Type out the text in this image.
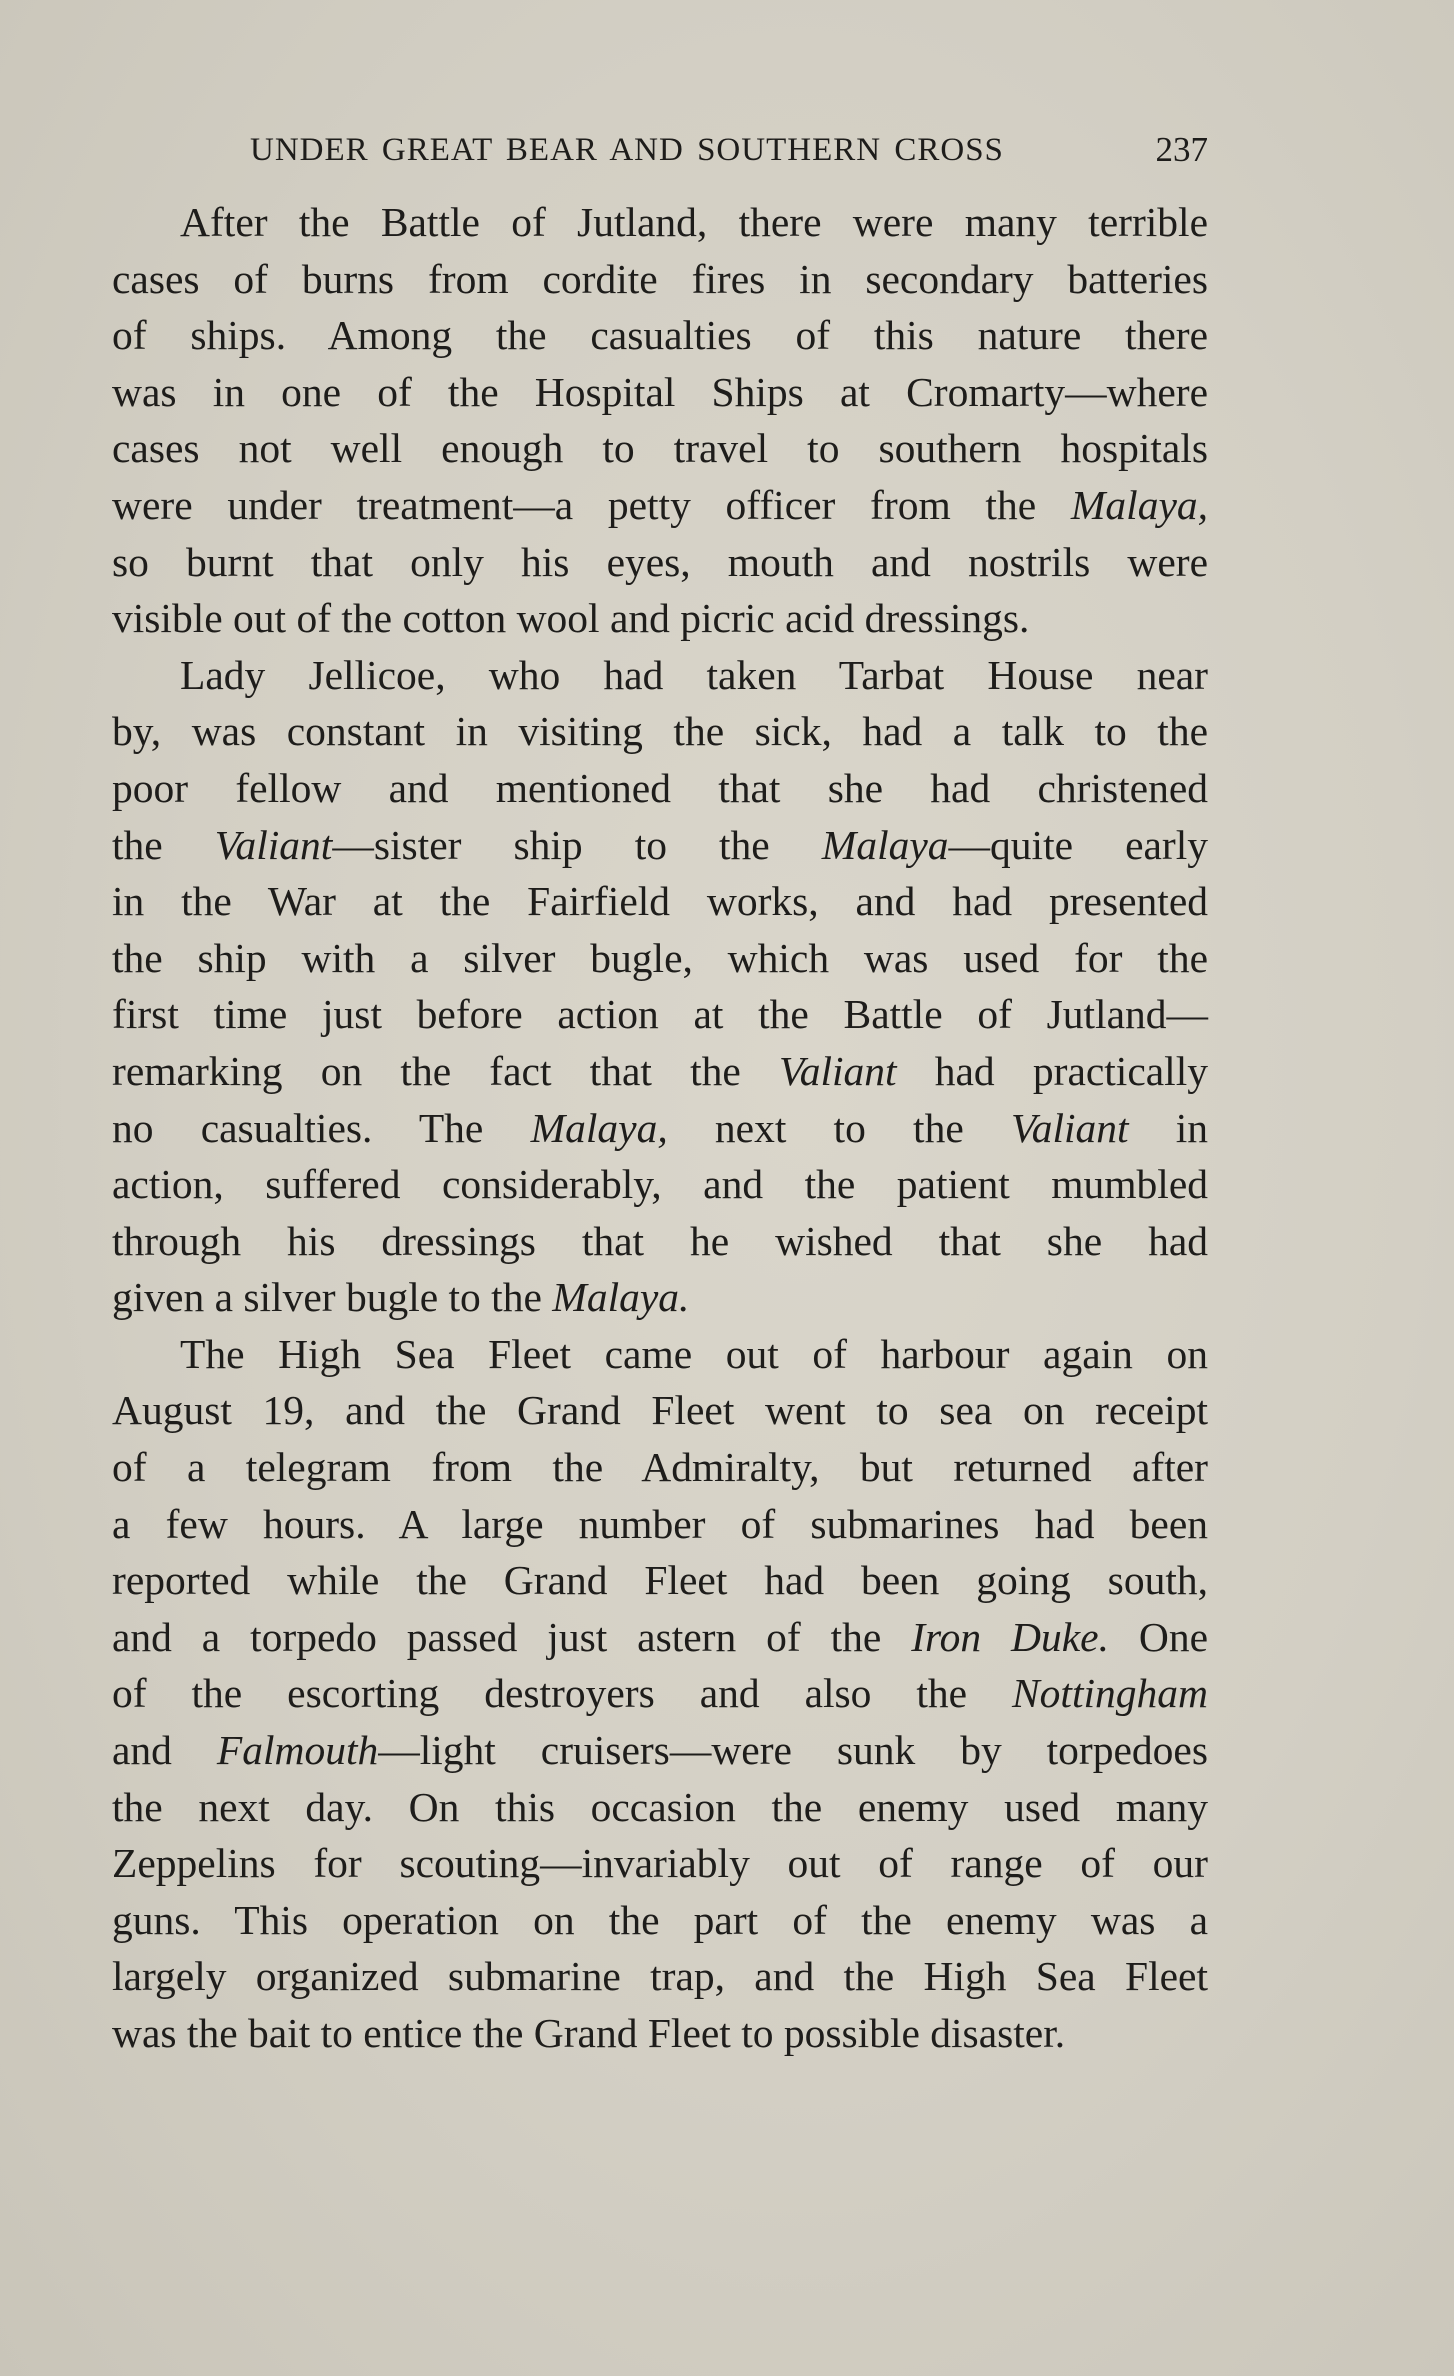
UNDER GREAT BEAR AND SOUTHERN CROSS	237
After the Battle of Jutland, there were many terrible
cases of burns from cordite fires in secondary batteries
of ships. Among the casualties of this nature there
was in one of the Hospital Ships at Cromarty—where
cases not well enough to travel to southern hospitals
were under treatment—a petty officer from the Malaya,
so burnt that only his eyes, mouth and nostrils were
visible out of the cotton wool and picric acid dressings.
Lady Jellicoe, who had taken Tarbat House near
by, was constant in visiting the sick, had a talk to the
poor fellow and mentioned that she had christened
the Valiant—sister ship to the Malaya—quite early
in the War at the Fairfield works, and had presented
the ship with a silver bugle, which was used for the
first time just before action at the Battle of Jutland—
remarking on the fact that the Valiant had practically
no casualties. The Malaya, next to the Valiant in
action, suffered considerably, and the patient mumbled
through his dressings that he wished that she had
given a silver bugle to the Malaya.
The High Sea Fleet came out of harbour again on
August 19, and the Grand Fleet went to sea on receipt
of a telegram from the Admiralty, but returned after
a few hours. A large number of submarines had been
reported while the Grand Fleet had been going south,
and a torpedo passed just astern of the Iron Duke. One
of the escorting destroyers and also the Nottingham
and Falmouth—light cruisers—were sunk by torpedoes
the next day. On this occasion the enemy used many
Zeppelins for scouting—invariably out of range of our
guns. This operation on the part of the enemy was a
largely organized submarine trap, and the High Sea Fleet
was the bait to entice the Grand Fleet to possible disaster.
